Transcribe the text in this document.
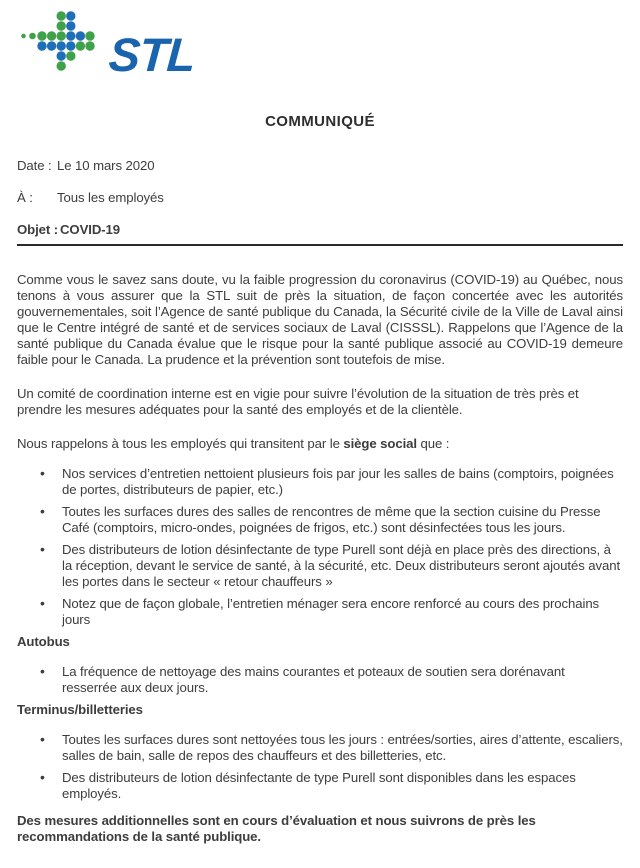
STL
COMMUNIQUÉ
Date : Le 10 mars 2020
À :	Tous les employés
Objet : COVID-19

Comme vous le savez sans doute, vu la faible progression du coronavirus (COVID-19) au Québec, nous tenons à vous assurer que la STL suit de près la situation, de façon concertée avec les autorités gouvernementales, soit l’Agence de santé publique du Canada, la Sécurité civile de la Ville de Laval ainsi que le Centre intégré de santé et de services sociaux de Laval (CISSSL). Rappelons que l’Agence de la santé publique du Canada évalue que le risque pour la santé publique associé au COVID-19 demeure faible pour le Canada. La prudence et la prévention sont toutefois de mise.

Un comité de coordination interne est en vigie pour suivre l’évolution de la situation de très près et prendre les mesures adéquates pour la santé des employés et de la clientèle.

Nous rappelons à tous les employés qui transitent par le siège social que :

• Nos services d’entretien nettoient plusieurs fois par jour les salles de bains (comptoirs, poignées de portes, distributeurs de papier, etc.)
• Toutes les surfaces dures des salles de rencontres de même que la section cuisine du Presse Café (comptoirs, micro-ondes, poignées de frigos, etc.) sont désinfectées tous les jours.
• Des distributeurs de lotion désinfectante de type Purell sont déjà en place près des directions, à la réception, devant le service de santé, à la sécurité, etc. Deux distributeurs seront ajoutés avant les portes dans le secteur « retour chauffeurs »
• Notez que de façon globale, l’entretien ménager sera encore renforcé au cours des prochains jours

Autobus

• La fréquence de nettoyage des mains courantes et poteaux de soutien sera dorénavant resserrée aux deux jours.

Terminus/billetteries

• Toutes les surfaces dures sont nettoyées tous les jours : entrées/sorties, aires d’attente, escaliers, salles de bain, salle de repos des chauffeurs et des billetteries, etc.
• Des distributeurs de lotion désinfectante de type Purell sont disponibles dans les espaces employés.

Des mesures additionnelles sont en cours d’évaluation et nous suivrons de près les recommandations de la santé publique.
